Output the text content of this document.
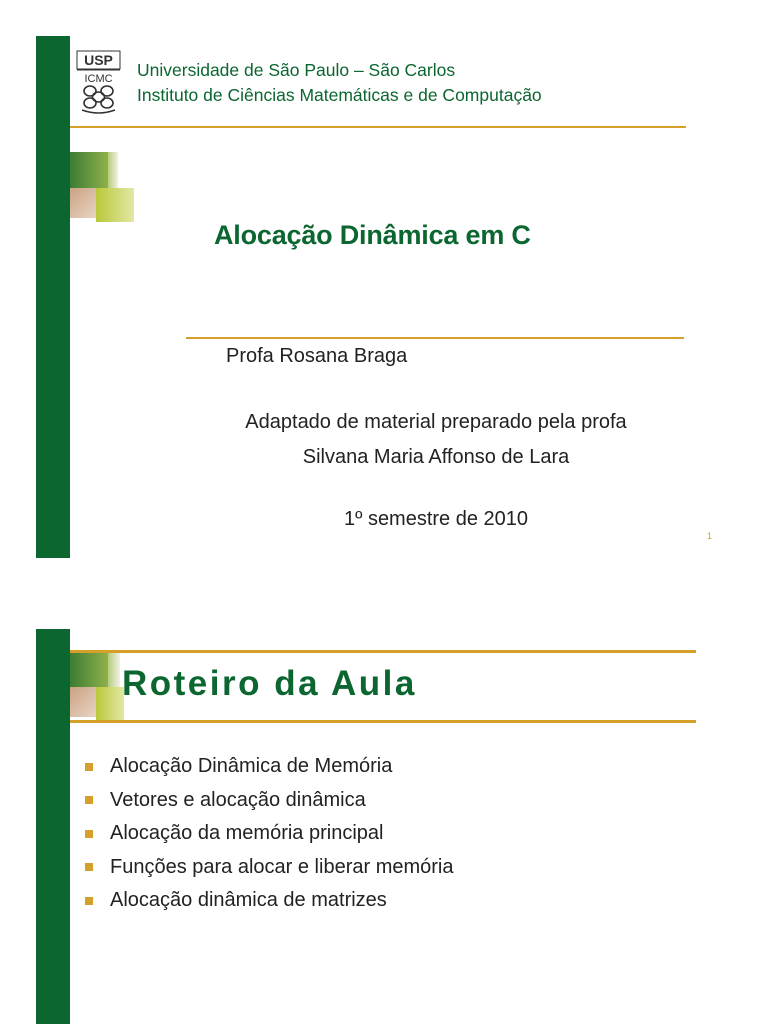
USP
ICMC Universidade de São Paulo – São Carlos
Instituto de Ciências Matemáticas e de Computação
Alocação Dinâmica em C
Profa Rosana Braga
Adaptado de material preparado pela profa
Silvana Maria Affonso de Lara
1º semestre de 2010
1
Roteiro da Aula
Alocação Dinâmica de Memória
Vetores e alocação dinâmica
Alocação da memória principal
Funções para alocar e liberar memória
Alocação dinâmica de matrizes
